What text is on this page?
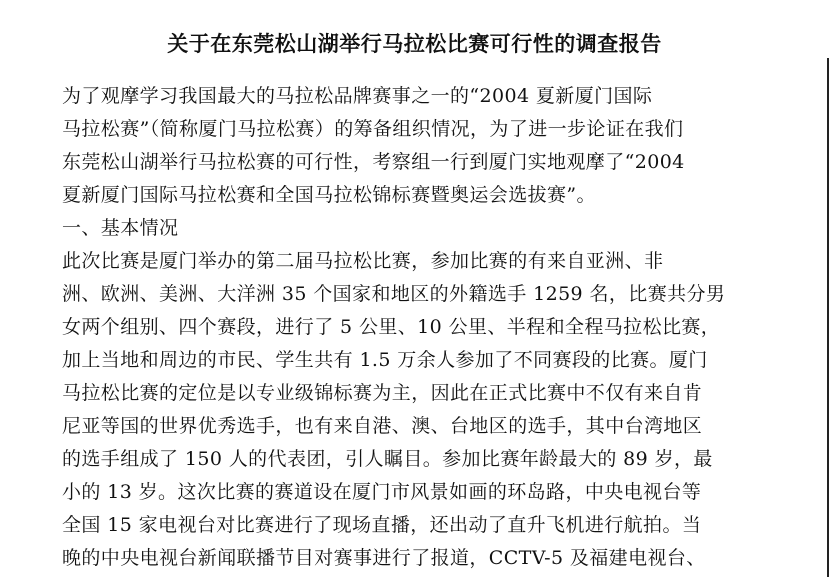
关于在东莞松山湖举行马拉松比赛可行性的调查报告
为了观摩学习我国最大的马拉松品牌赛事之一的“2004 夏新厦门国际
马拉松赛”（简称厦门马拉松赛）的筹备组织情况，为了进一步论证在我们
东莞松山湖举行马拉松赛的可行性，考察组一行到厦门实地观摩了“2004
夏新厦门国际马拉松赛和全国马拉松锦标赛暨奥运会选拔赛”。
一、基本情况
此次比赛是厦门举办的第二届马拉松比赛，参加比赛的有来自亚洲、非
洲、欧洲、美洲、大洋洲 35 个国家和地区的外籍选手 1259 名，比赛共分男
女两个组别、四个赛段，进行了 5 公里、10 公里、半程和全程马拉松比赛，
加上当地和周边的市民、学生共有 1.5 万余人参加了不同赛段的比赛。厦门
马拉松比赛的定位是以专业级锦标赛为主，因此在正式比赛中不仅有来自肯
尼亚等国的世界优秀选手，也有来自港、澳、台地区的选手，其中台湾地区
的选手组成了 150 人的代表团，引人瞩目。参加比赛年龄最大的 89 岁，最
小的 13 岁。这次比赛的赛道设在厦门市风景如画的环岛路，中央电视台等
全国 15 家电视台对比赛进行了现场直播，还出动了直升飞机进行航拍。当
晚的中央电视台新闻联播节目对赛事进行了报道，CCTV-5 及福建电视台、
